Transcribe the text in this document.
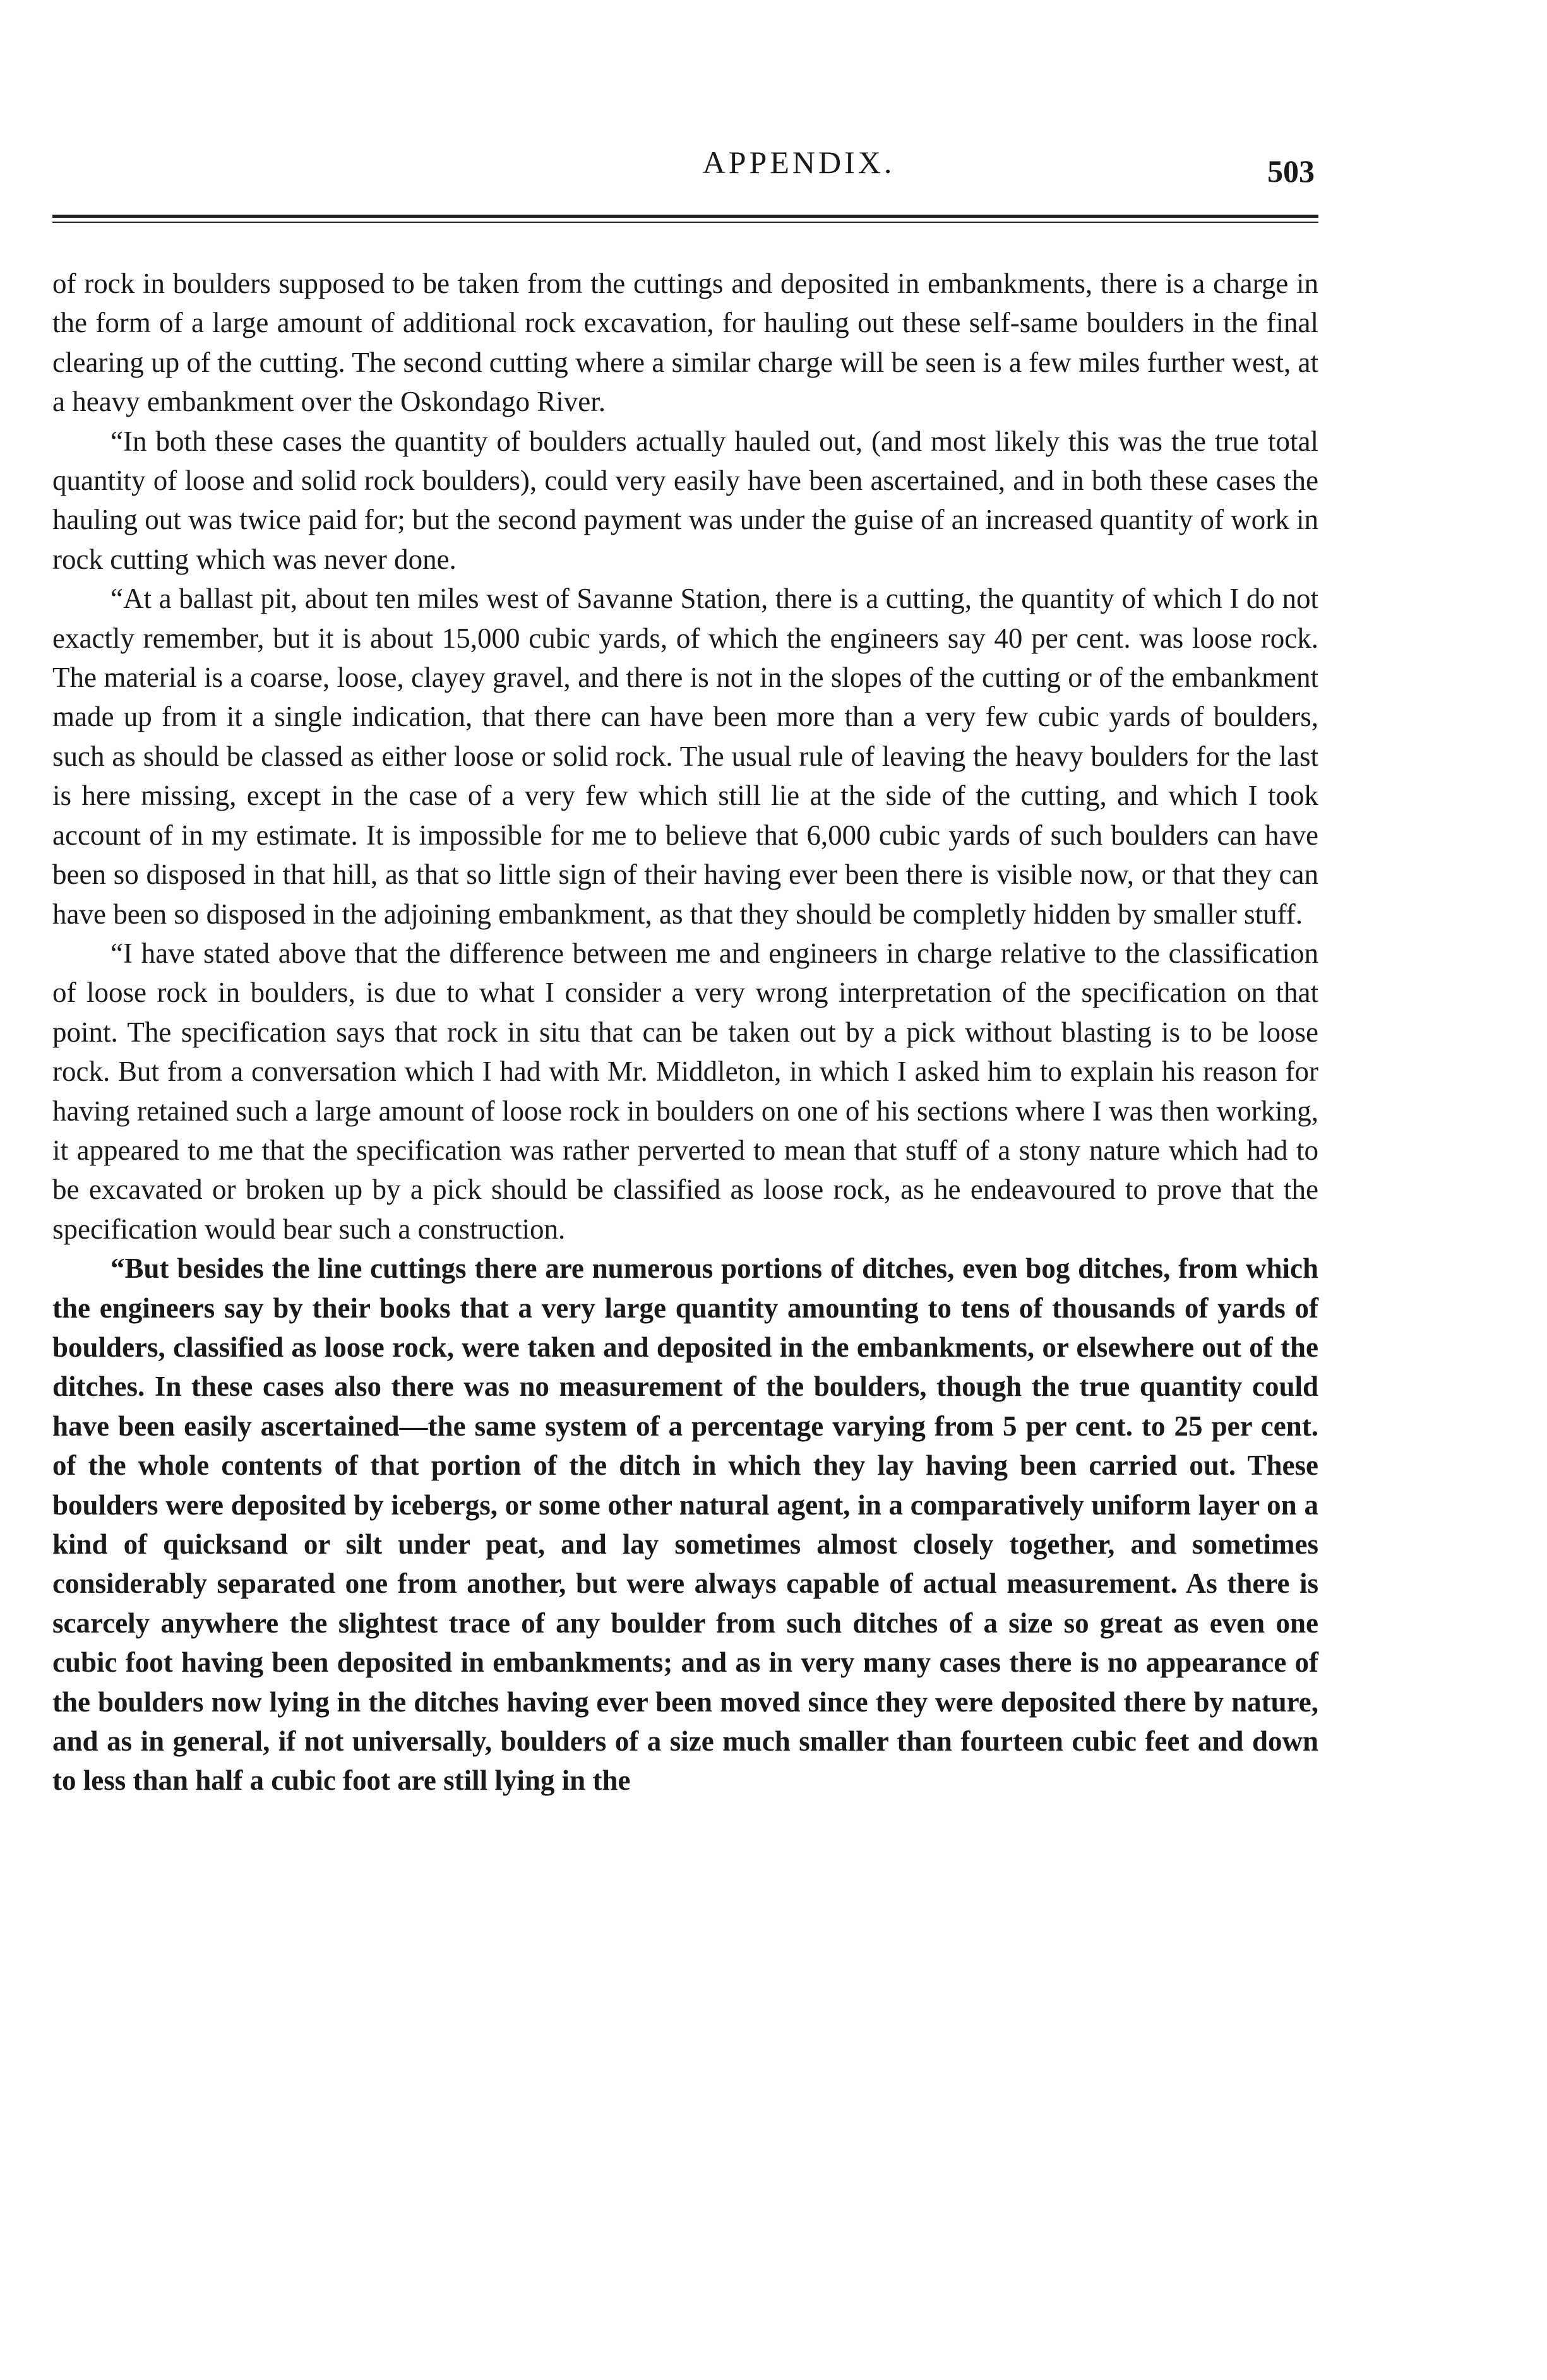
APPENDIX.	503

of rock in boulders supposed to be taken from the cuttings and deposited in embankments, there is a charge in the form of a large amount of additional rock excavation, for hauling out these self-same boulders in the final clearing up of the cutting. The second cutting where a similar charge will be seen is a few miles further west, at a heavy embankment over the Oskondago River.

“In both these cases the quantity of boulders actually hauled out, (and most likely this was the true total quantity of loose and solid rock boulders), could very easily have been ascertained, and in both these cases the hauling out was twice paid for; but the second payment was under the guise of an increased quantity of work in rock cutting which was never done.

“At a ballast pit, about ten miles west of Savanne Station, there is a cutting, the quantity of which I do not exactly remember, but it is about 15,000 cubic yards, of which the engineers say 40 per cent. was loose rock. The material is a coarse, loose, clayey gravel, and there is not in the slopes of the cutting or of the embankment made up from it a single indication, that there can have been more than a very few cubic yards of boulders, such as should be classed as either loose or solid rock. The usual rule of leaving the heavy boulders for the last is here missing, except in the case of a very few which still lie at the side of the cutting, and which I took account of in my estimate. It is impossible for me to believe that 6,000 cubic yards of such boulders can have been so disposed in that hill, as that so little sign of their having ever been there is visible now, or that they can have been so disposed in the adjoining embankment, as that they should be completly hidden by smaller stuff.

“I have stated above that the difference between me and engineers in charge relative to the classification of loose rock in boulders, is due to what I consider a very wrong interpretation of the specification on that point. The specification says that rock in situ that can be taken out by a pick without blasting is to be loose rock. But from a conversation which I had with Mr. Middleton, in which I asked him to explain his reason for having retained such a large amount of loose rock in boulders on one of his sections where I was then working, it appeared to me that the specification was rather perverted to mean that stuff of a stony nature which had to be excavated or broken up by a pick should be classified as loose rock, as he endeavoured to prove that the specification would bear such a construction.

“But besides the line cuttings there are numerous portions of ditches, even bog ditches, from which the engineers say by their books that a very large quantity amounting to tens of thousands of yards of boulders, classified as loose rock, were taken and deposited in the embankments, or elsewhere out of the ditches. In these cases also there was no measurement of the boulders, though the true quantity could have been easily ascertained—the same system of a percentage varying from 5 per cent. to 25 per cent. of the whole contents of that portion of the ditch in which they lay having been carried out. These boulders were deposited by icebergs, or some other natural agent, in a comparatively uniform layer on a kind of quicksand or silt under peat, and lay sometimes almost closely together, and sometimes considerably separated one from another, but were always capable of actual measurement. As there is scarcely anywhere the slightest trace of any boulder from such ditches of a size so great as even one cubic foot having been deposited in embankments; and as in very many cases there is no appearance of the boulders now lying in the ditches having ever been moved since they were deposited there by nature, and as in general, if not universally, boulders of a size much smaller than fourteen cubic feet and down to less than half a cubic foot are still lying in the
